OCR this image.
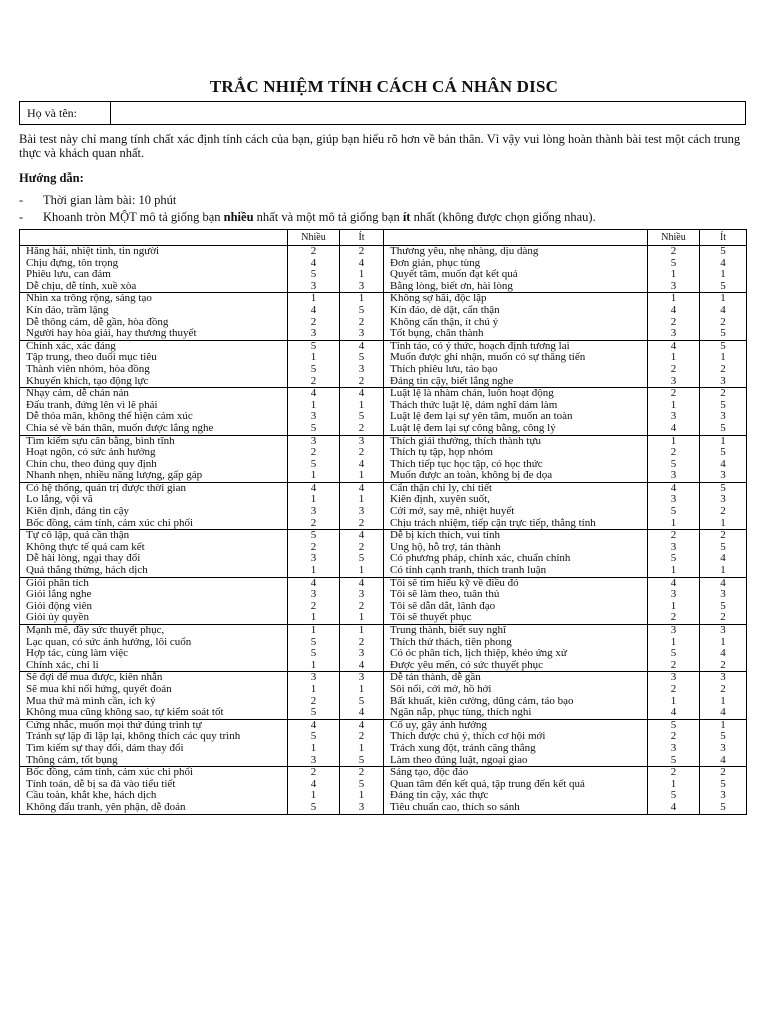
TRẮC NHIỆM TÍNH CÁCH CÁ NHÂN DISC
Họ và tên:
Bài test này chỉ mang tính chất xác định tính cách của bạn, giúp bạn hiểu rõ hơn về bản thân. Vì vậy vui lòng hoàn thành bài test một cách trung thực và khách quan nhất.
Hướng dẫn:
- Thời gian làm bài: 10 phút
- Khoanh tròn MỘT mô tả giống bạn nhiều nhất và một mô tả giống bạn ít nhất (không được chọn giống nhau).
	Nhiều	Ít		Nhiều	Ít
Hăng hái, nhiệt tình, tin người	2	2	Thương yêu, nhẹ nhàng, dịu dàng	2	5
Chịu đựng, tôn trọng	4	4	Đơn giản, phục tùng	5	4
Phiêu lưu, can đảm	5	1	Quyết tâm, muốn đạt kết quả	1	1
Dễ chịu, dễ tính, xuề xòa	3	3	Bằng lòng, biết ơn, hài lòng	3	5
Nhìn xa trông rộng, sáng tạo	1	1	Không sợ hãi, độc lập	1	1
Kín đáo, trầm lặng	4	5	Kín đáo, dè dặt, cẩn thận	4	4
Dễ thông cảm, dễ gần, hòa đồng	2	2	Không cẩn thận, ít chú ý	2	2
Người hay hòa giải, hay thương thuyết	3	3	Tốt bụng, chân thành	3	5
Chính xác, xác đáng	5	4	Tỉnh táo, có ý thức, hoạch định tương lai	4	5
Tập trung, theo đuổi mục tiêu	1	5	Muốn được ghi nhận, muốn có sự thăng tiến	1	1
Thành viên nhóm, hòa đồng	5	3	Thích phiêu lưu, táo bạo	2	2
Khuyến khích, tạo động lực	2	2	Đáng tin cậy, biết lắng nghe	3	3
Nhạy cảm, dễ chán nản	4	4	Luật lệ là nhàm chán, luôn hoạt động	2	2
Đấu tranh, đứng lên vì lẽ phải	1	1	Thách thức luật lệ, dám nghĩ dám làm	1	5
Dễ thỏa mãn, không thể hiện cảm xúc	3	5	Luật lệ đem lại sự yên tâm, muốn an toàn	3	3
Chia sẻ về bản thân, muốn được lắng nghe	5	2	Luật lệ đem lại sự công bằng, công lý	4	5
Tìm kiếm sựu cân bằng, bình tĩnh	3	3	Thích giải thưởng, thích thành tựu	1	1
Hoạt ngôn, có sức ảnh hưởng	2	2	Thích tụ tập, họp nhóm	2	5
Chín chu, theo đúng quy định	5	4	Thích tiếp tục học tập, có học thức	5	4
Nhanh nhẹn, nhiều năng lượng, gấp gáp	1	1	Muốn được an toàn, không bị đe dọa	3	3
Có hệ thống, quản trị được thời gian	4	4	Cẩn thận chi ly, chi tiết	4	5
Lo lắng, vội vã	1	1	Kiên định, xuyên suốt,	3	3
Kiên định, đáng tin cậy	3	3	Cởi mở, say mê, nhiệt huyết	5	2
Bốc đồng, cảm tính, cảm xúc chi phối	2	2	Chịu trách nhiệm, tiếp cận trực tiếp, thẳng tính	1	1
Tự cô lập, quả cần thận	5	4	Dễ bị kích thích, vui tính	2	2
Không thực tế quá cam kết	2	2	Ủng hộ, hỗ trợ, tán thành	3	5
Dễ hài lòng, ngại thay đổi	3	5	Có phương pháp, chính xác, chuẩn chỉnh	5	4
Quả thẳng thừng, hách dịch	1	1	Có tính cạnh tranh, thích tranh luận	1	1
Giỏi phân tích	4	4	Tôi sẽ tìm hiểu kỹ về điều đó	4	4
Giỏi lắng nghe	3	3	Tôi sẽ làm theo, tuân thủ	3	3
Giỏi động viên	2	2	Tôi sẽ dẫn dắt, lãnh đạo	1	5
Giỏi ủy quyền	1	1	Tôi sẽ thuyết phục	2	2
Mạnh mẽ, đầy sức thuyết phục,	1	1	Trung thành, biết suy nghĩ	3	3
Lạc quan, có sức ảnh hưởng, lôi cuốn	5	2	Thích thử thách, tiên phong	1	1
Hợp tác, cùng làm việc	5	3	Có óc phân tích, lịch thiệp, khéo ứng xử	5	4
Chính xác, chi li	1	4	Được yêu mến, có sức thuyết phục	2	2
Sẽ đợi để mua được, kiên nhẫn	3	3	Dễ tán thành, dễ gần	3	3
Sẽ mua khi nổi hứng, quyết đoán	1	1	Sôi nổi, cởi mở, hồ hởi	2	2
Mua thứ mà mình cần, ích kỷ	2	5	Bất khuất, kiên cường, dũng cảm, táo bạo	1	1
Không mua cũng không sao, tự kiểm soát tốt	5	4	Ngăn nắp, phục tùng, thích nghi	4	4
Cứng nhắc, muốn mọi thứ đúng trình tự	4	4	Cố uy, gây ảnh hưởng	5	1
Tránh sự lặp đi lặp lại, không thích các quy trình	5	2	Thích được chú ý, thích cơ hội mới	2	5
Tìm kiếm sự thay đổi, dám thay đổi	1	1	Trách xung đột, tránh căng thẳng	3	3
Thông cảm, tốt bụng	3	5	Làm theo đúng luật, ngoại giao	5	4
Bốc đồng, cảm tính, cảm xúc chi phối	2	2	Sáng tạo, độc đáo	2	2
Tính toán, dễ bị sa đà vào tiểu tiết	4	5	Quan tâm đến kết quả, tập trung đến kết quả	1	5
Cầu toàn, khắt khe, hách dịch	1	1	Đáng tin cậy, xác thực	5	3
Không đấu tranh, yên phận, dễ đoán	5	3	Tiêu chuẩn cao, thích so sánh	4	5
